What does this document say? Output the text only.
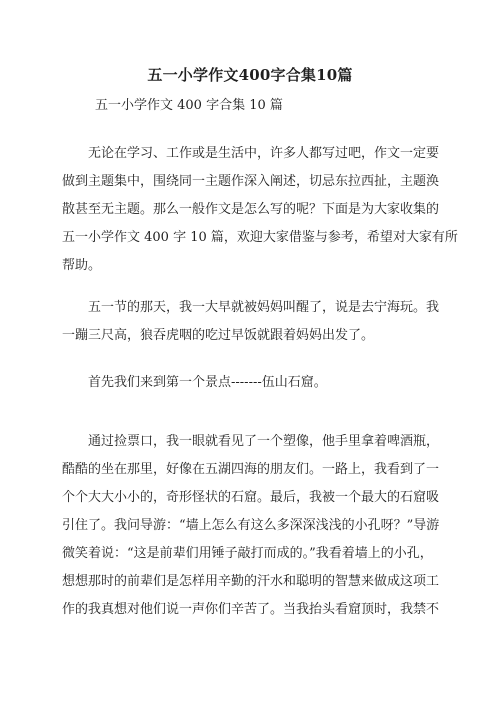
五一小学作文400字合集10篇
五一小学作文 400 字合集 10 篇
　　无论在学习、工作或是生活中，许多人都写过吧，作文一定要
做到主题集中，围绕同一主题作深入阐述，切忌东拉西扯，主题涣
散甚至无主题。那么一般作文是怎么写的呢？下面是为大家收集的
五一小学作文 400 字 10 篇，欢迎大家借鉴与参考，希望对大家有所
帮助。
　　五一节的那天，我一大早就被妈妈叫醒了，说是去宁海玩。我
一蹦三尺高，狼吞虎咽的吃过早饭就跟着妈妈出发了。
　　首先我们来到第一个景点-------伍山石窟。
　　通过捡票口，我一眼就看见了一个塑像，他手里拿着啤酒瓶，
酷酷的坐在那里，好像在五湖四海的朋友们。一路上，我看到了一
个个大大小小的，奇形怪状的石窟。最后，我被一个最大的石窟吸
引住了。我问导游：“墙上怎么有这么多深深浅浅的小孔呀？”导游
微笑着说：“这是前辈们用锤子敲打而成的。”我看着墙上的小孔，
想想那时的前辈们是怎样用辛勤的汗水和聪明的智慧来做成这项工
作的我真想对他们说一声你们辛苦了。当我抬头看窟顶时，我禁不
